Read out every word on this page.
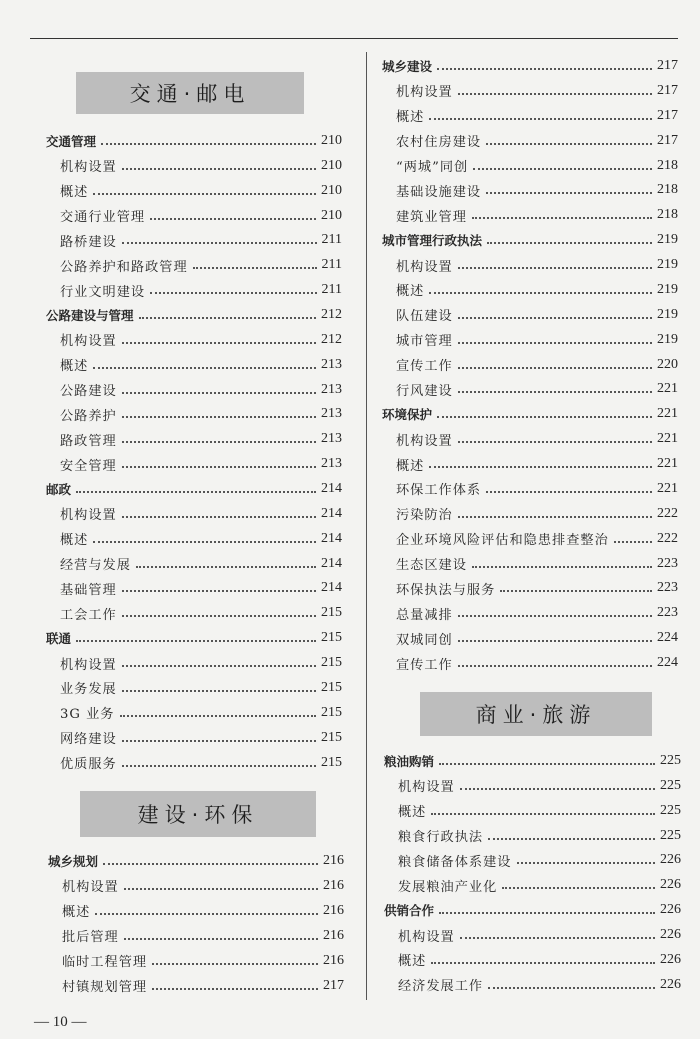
交通·邮电
建设·环保
商业·旅游
交通管理	210
机构设置	210
概述	210
交通行业管理	210
路桥建设	211
公路养护和路政管理	211
行业文明建设	211
公路建设与管理	212
机构设置	212
概述	213
公路建设	213
公路养护	213
路政管理	213
安全管理	213
邮政	214
机构设置	214
概述	214
经营与发展	214
基础管理	214
工会工作	215
联通	215
机构设置	215
业务发展	215
3G 业务	215
网络建设	215
优质服务	215
城乡规划	216
机构设置	216
概述	216
批后管理	216
临时工程管理	216
村镇规划管理	217
城乡建设	217
机构设置	217
概述	217
农村住房建设	217
“两城”同创	218
基础设施建设	218
建筑业管理	218
城市管理行政执法	219
机构设置	219
概述	219
队伍建设	219
城市管理	219
宣传工作	220
行风建设	221
环境保护	221
机构设置	221
概述	221
环保工作体系	221
污染防治	222
企业环境风险评估和隐患排查整治	222
生态区建设	223
环保执法与服务	223
总量减排	223
双城同创	224
宣传工作	224
粮油购销	225
机构设置	225
概述	225
粮食行政执法	225
粮食储备体系建设	226
发展粮油产业化	226
供销合作	226
机构设置	226
概述	226
经济发展工作	226
— 10 —
